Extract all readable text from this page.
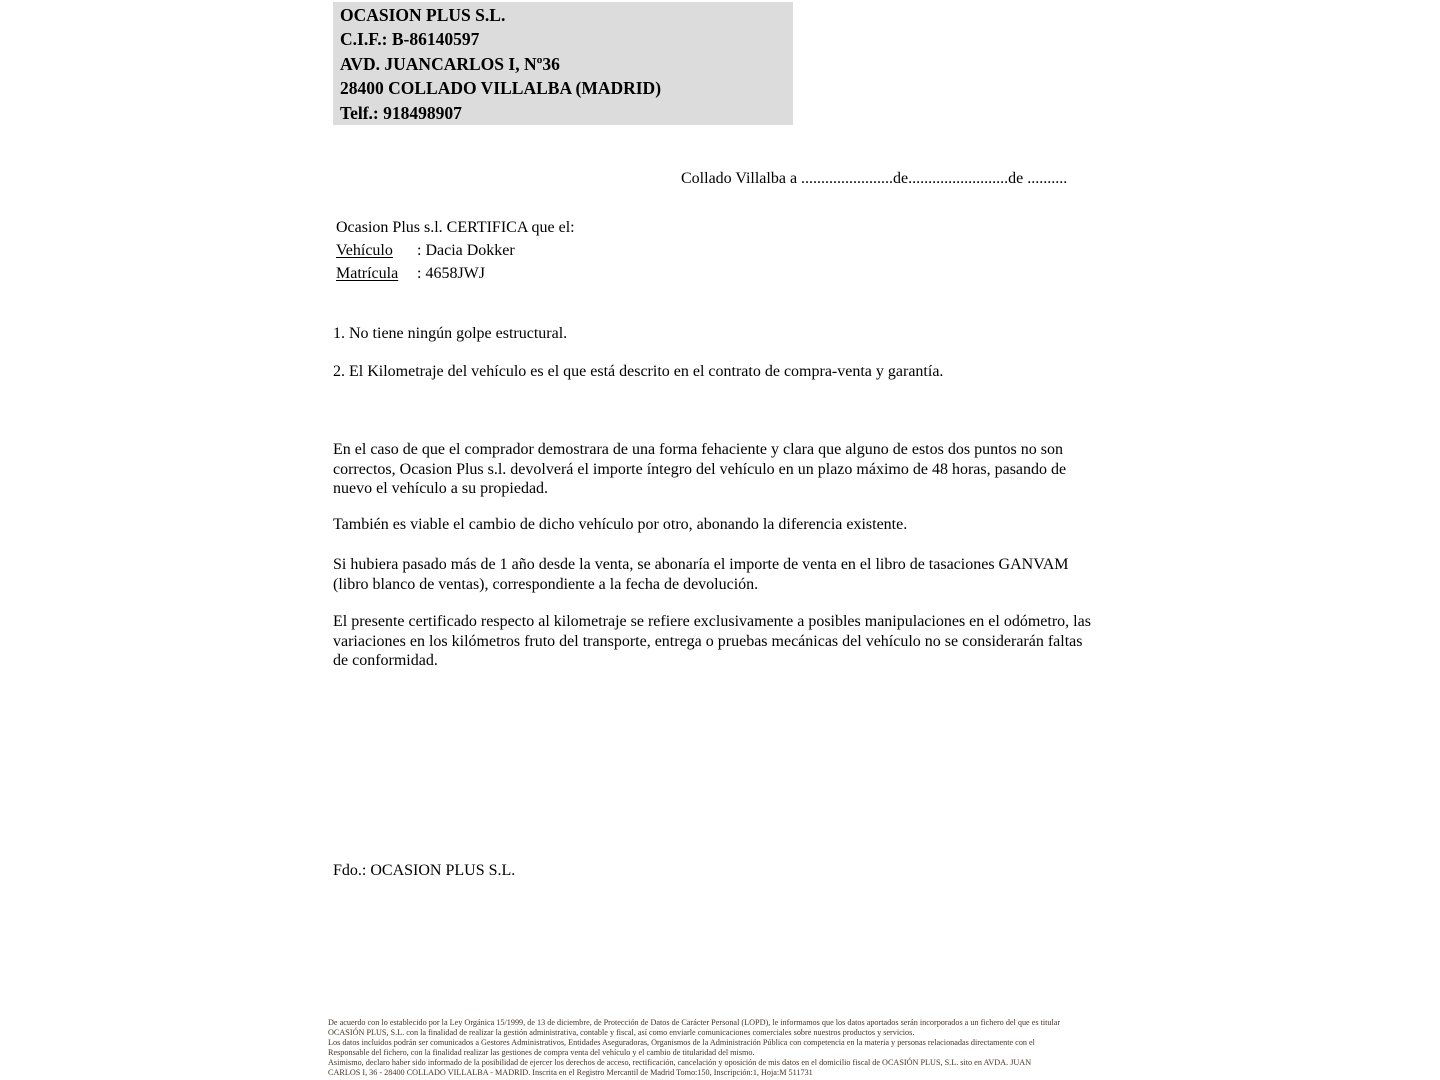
OCASION PLUS S.L.
C.I.F.: B-86140597
AVD. JUANCARLOS I, Nº36
28400 COLLADO VILLALBA (MADRID)
Telf.: 918498907
Collado Villalba a .......................de.........................de ..........
Ocasion Plus s.l. CERTIFICA que el:
Vehículo : Dacia Dokker
Matrícula : 4658JWJ
1. No tiene ningún golpe estructural.
2. El Kilometraje del vehículo es el que está descrito en el contrato de compra-venta y garantía.
En el caso de que el comprador demostrara de una forma fehaciente y clara que alguno de estos dos puntos no son correctos, Ocasion Plus s.l. devolverá el importe íntegro del vehículo en un plazo máximo de 48 horas, pasando de nuevo el vehículo a su propiedad.
También es viable el cambio de dicho vehículo por otro, abonando la diferencia existente.
Si hubiera pasado más de 1 año desde la venta, se abonaría el importe de venta en el libro de tasaciones GANVAM (libro blanco de ventas), correspondiente a la fecha de devolución.
El presente certificado respecto al kilometraje se refiere exclusivamente a posibles manipulaciones en el odómetro, las variaciones en los kilómetros fruto del transporte, entrega o pruebas mecánicas del vehículo no se considerarán faltas de conformidad.
Fdo.: OCASION PLUS S.L.
De acuerdo con lo establecido por la Ley Orgánica 15/1999, de 13 de diciembre, de Protección de Datos de Carácter Personal (LOPD), le informamos que los datos aportados serán incorporados a un fichero del que es titular
OCASIÓN PLUS, S.L. con la finalidad de realizar la gestión administrativa, contable y fiscal, así como enviarle comunicaciones comerciales sobre nuestros productos y servicios.
Los datos incluidos podrán ser comunicados a Gestores Administrativos, Entidades Aseguradoras, Organismos de la Administración Pública con competencia en la materia y personas relacionadas directamente con el
Responsable del fichero, con la finalidad realizar las gestiones de compra venta del vehículo y el cambio de titularidad del mismo.
Asimismo, declaro haber sido informado de la posibilidad de ejercer los derechos de acceso, rectificación, cancelación y oposición de mis datos en el domicilio fiscal de OCASIÓN PLUS, S.L. sito en AVDA. JUAN
CARLOS I, 36 - 28400 COLLADO VILLALBA - MADRID. Inscrita en el Registro Mercantil de Madrid Tomo:150, Inscripción:1, Hoja:M 511731
